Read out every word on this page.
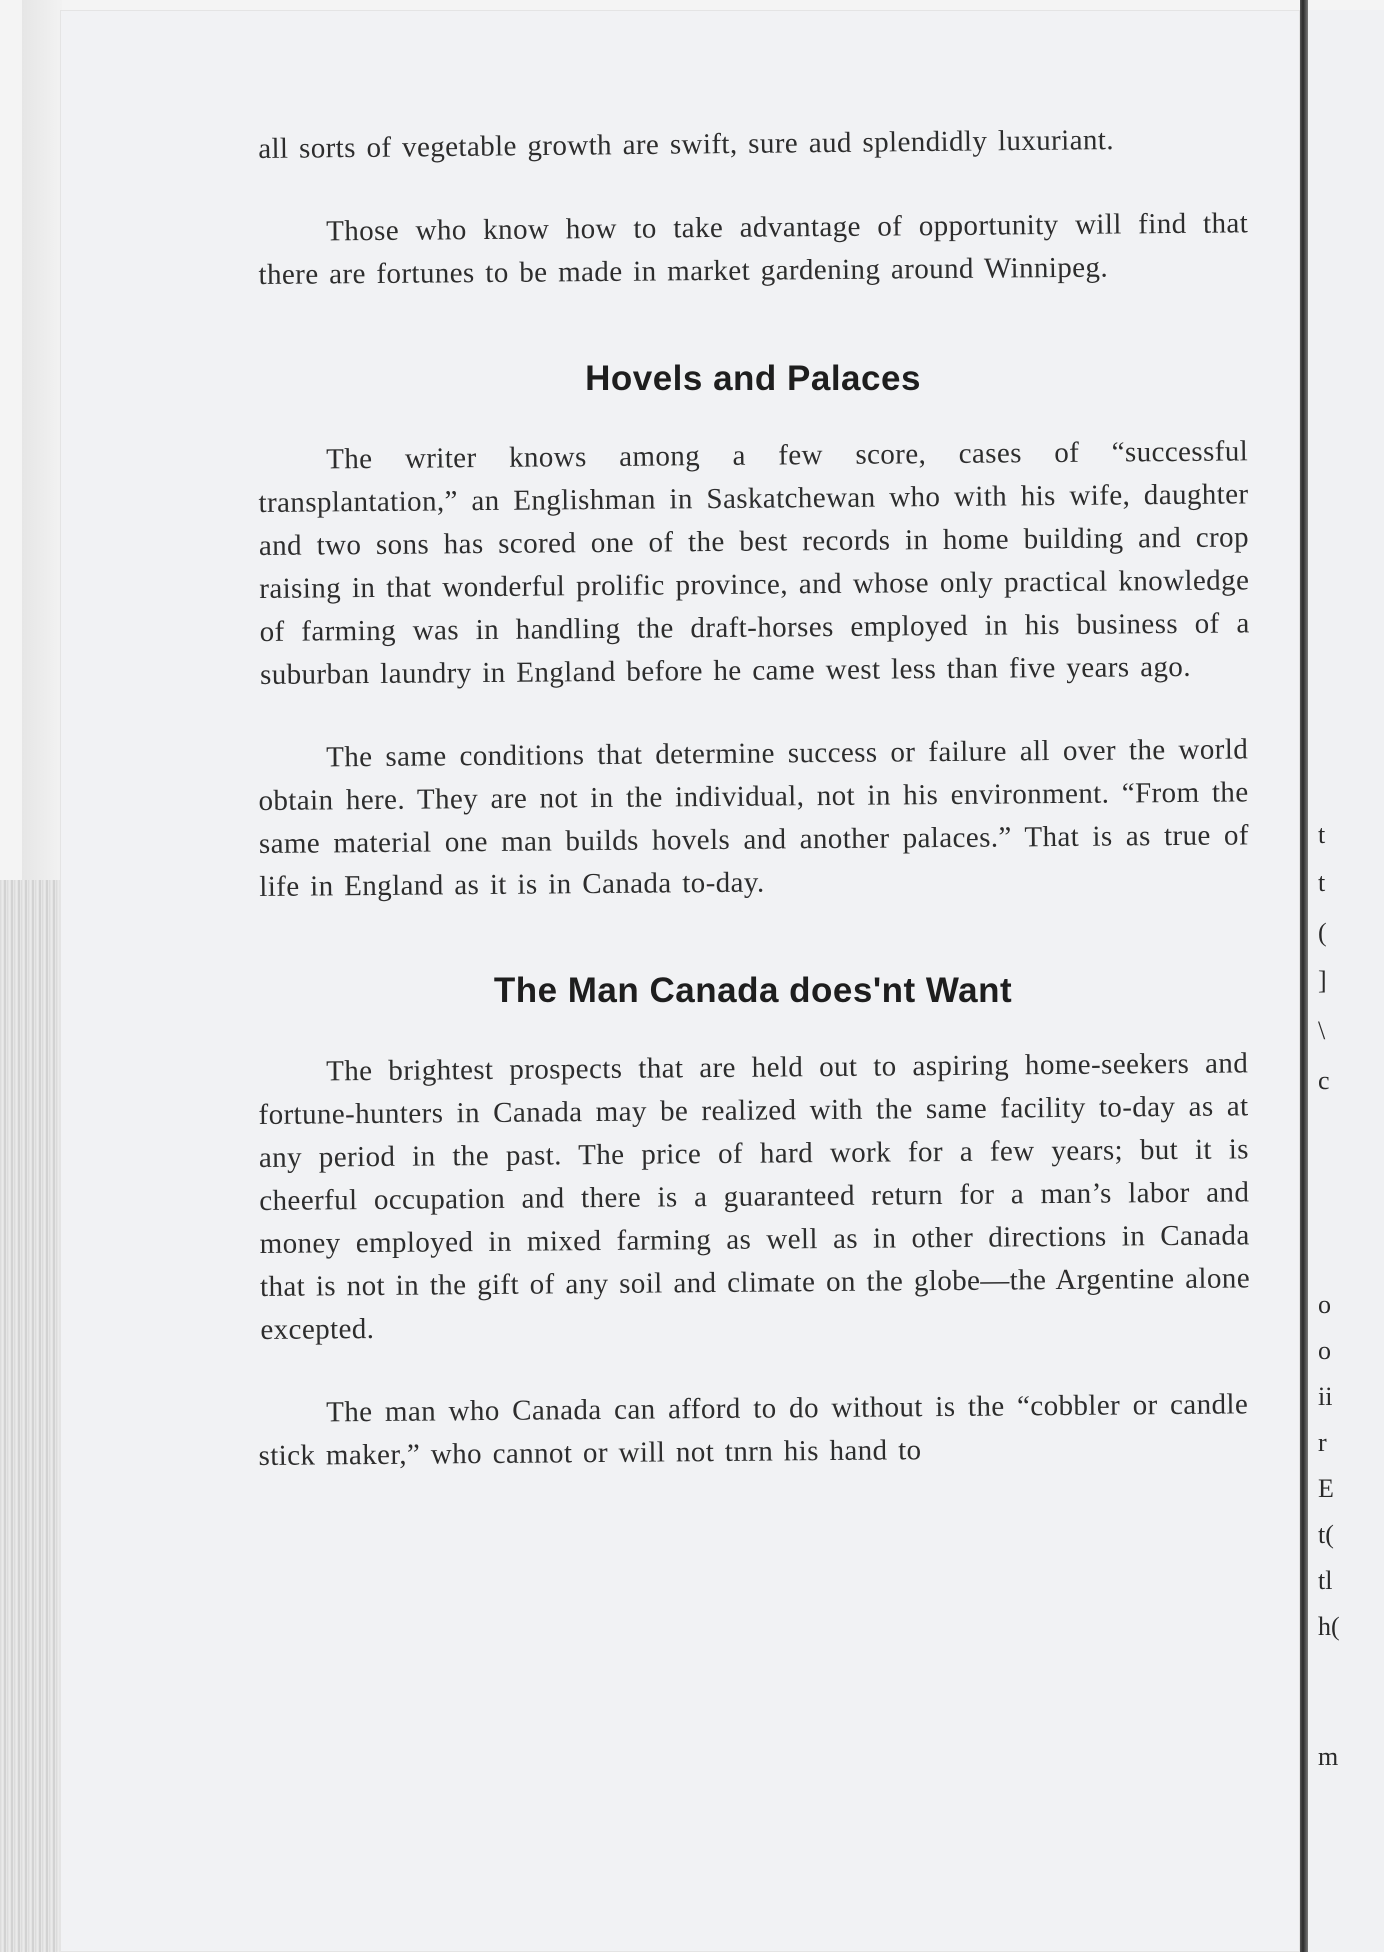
all sorts of vegetable growth are swift, sure aud splendidly luxuriant.

Those who know how to take advantage of opportunity will find that there are fortunes to be made in market gardening around Winnipeg.

Hovels and Palaces

The writer knows among a few score, cases of “successful transplantation,” an Englishman in Saskatchewan who with his wife, daughter and two sons has scored one of the best records in home building and crop raising in that wonderful prolific province, and whose only practical knowledge of farming was in handling the draft-horses employed in his business of a suburban laundry in England before he came west less than five years ago.

The same conditions that determine success or failure all over the world obtain here. They are not in the individual, not in his environment. “From the same material one man builds hovels and another palaces.” That is as true of life in England as it is in Canada to-day.

The Man Canada does'nt Want

The brightest prospects that are held out to aspiring home-seekers and fortune-hunters in Canada may be realized with the same facility to-day as at any period in the past. The price of hard work for a few years; but it is cheerful occupation and there is a guaranteed return for a man’s labor and money employed in mixed farming as well as in other directions in Canada that is not in the gift of any soil and climate on the globe—the Argentine alone excepted.

The man who Canada can afford to do without is the “cobbler or candle stick maker,” who cannot or will not tnrn his hand to

t

t

(

]

\

c

o

o

ii

r

E

t(

tl

h(

m
